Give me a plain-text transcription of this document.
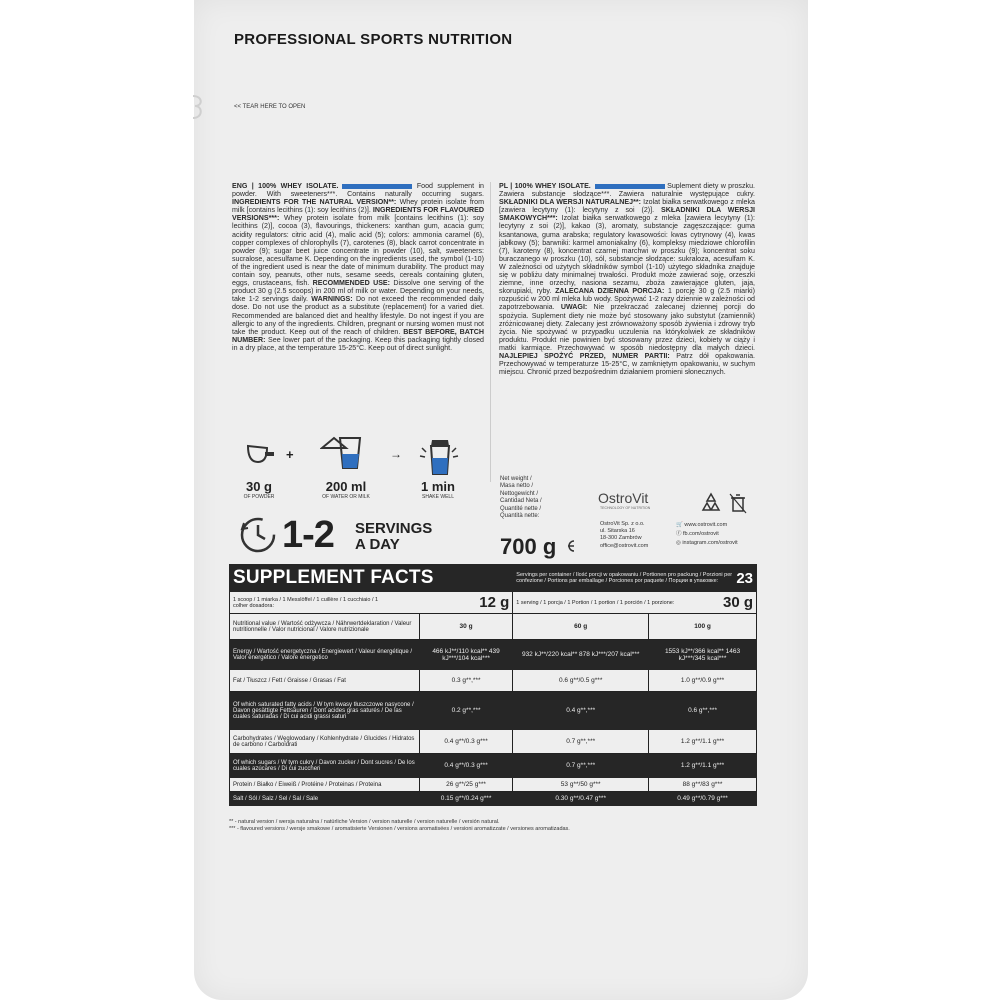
PROFESSIONAL SPORTS NUTRITION
<< TEAR HERE TO OPEN
ENG | 100% WHEY ISOLATE.	Food supplement in powder. With sweeteners***. Contains naturally occurring sugars. INGREDIENTS FOR THE NATURAL VERSION**: Whey protein isolate from milk [contains lecithins (1): soy lecithins (2)]. INGREDIENTS FOR FLAVOURED VERSIONS***: Whey protein isolate from milk [contains lecithins (1): soy lecithins (2)], cocoa (3), flavourings, thickeners: xanthan gum, acacia gum; acidity regulators: citric acid (4), malic acid (5); colors: ammonia caramel (6), copper complexes of chlorophylls (7), carotenes (8), black carrot concentrate in powder (9); sugar beet juice concentrate in powder (10), salt, sweeteners: sucralose, acesulfame K. Depending on the ingredients used, the symbol (1-10) of the ingredient used is near the date of minimum durability. The product may contain soy, peanuts, other nuts, sesame seeds, cereals containing gluten, eggs, crustaceans, fish. RECOMMENDED USE: Dissolve one serving of the product 30 g (2.5 scoops) in 200 ml of milk or water. Depending on your needs, take 1-2 servings daily. WARNINGS: Do not exceed the recommended daily dose. Do not use the product as a substitute (replacement) for a varied diet. Recommended are balanced diet and healthy lifestyle. Do not ingest if you are allergic to any of the ingredients. Children, pregnant or nursing women must not take the product. Keep out of the reach of children. BEST BEFORE, BATCH NUMBER: See lower part of the packaging. Keep this packaging tightly closed in a dry place, at the temperature 15-25°C. Keep out of direct sunlight.
PL | 100% WHEY ISOLATE.	Suplement diety w proszku. Zawiera substancje słodzące***. Zawiera naturalnie występujące cukry. SKŁADNIKI DLA WERSJI NATURALNEJ**: Izolat białka serwatkowego z mleka [zawiera lecytyny (1): lecytyny z soi (2)]. SKŁADNIKI DLA WERSJI SMAKOWYCH***: Izolat białka serwatkowego z mleka [zawiera lecytyny (1): lecytyny z soi (2)], kakao (3), aromaty, substancje zagęszczające: guma ksantanowa, guma arabska; regulatory kwasowości: kwas cytrynowy (4), kwas jabłkowy (5); barwniki: karmel amoniakalny (6), kompleksy miedziowe chlorofilin (7), karoteny (8), koncentrat czarnej marchwi w proszku (9); koncentrat soku buraczanego w proszku (10), sól, substancje słodzące: sukraloza, acesulfam K. W zależności od użytych składników symbol (1-10) użytego składnika znajduje się w pobliżu daty minimalnej trwałości. Produkt może zawierać soję, orzeszki ziemne, inne orzechy, nasiona sezamu, zboża zawierające gluten, jaja, skorupiaki, ryby. ZALECANA DZIENNA PORCJA: 1 porcję 30 g (2.5 miarki) rozpuścić w 200 ml mleka lub wody. Spożywać 1-2 razy dziennie w zależności od zapotrzebowania. UWAGI: Nie przekraczać zalecanej dziennej porcji do spożycia. Suplement diety nie może być stosowany jako substytut (zamiennik) zróżnicowanej diety. Zalecany jest zrównoważony sposób żywienia i zdrowy tryb życia. Nie spożywać w przypadku uczulenia na którykolwiek ze składników produktu. Produkt nie powinien być stosowany przez dzieci, kobiety w ciąży i matki karmiące. Przechowywać w sposób niedostępny dla małych dzieci. NAJLEPIEJ SPOŻYĆ PRZED, NUMER PARTII: Patrz dół opakowania. Przechowywać w temperaturze 15-25°C, w zamkniętym opakowaniu, w suchym miejscu. Chronić przed bezpośrednim działaniem promieni słonecznych.
+	→
30 g
OF POWDER
200 ml
OF WATER OR MILK
1 min
SHAKE WELL
1-2 SERVINGS
A DAY
Net weight /
Masa netto /
Nettogewicht /
Cantidad Neta /
Quantité nette /
Quantità nette:
700 g
OstroVit
TECHNOLOGY OF NUTRITION
OstroVit Sp. z o.o.
ul. Sitarska 16
18-300 Zambrów
office@ostrovit.com
🛒 www.ostrovit.com
ⓕ fb.com/ostrovit
◎ instagram.com/ostrovit
SUPPLEMENT FACTS		Servings per container / Ilość porcji w opakowaniu / Portionen pro packung / Porzioni per confezione / Portions par emballage / Porciones por paquete / Порции в упаковке: 23	

1 scoop / 1 miarka / 1 Messlöffel / 1 cuillère / 1 cucchiaio / 1 colher dosadora: 12 g		1 serving / 1 porcja / 1 Portion / 1 portion / 1 porción / 1 porzione: 30 g	

Nutritional value / Wartość odżywcza / Nährwertdeklaration / Valeur nutritionnelle / Valor nutricional / Valore nutrizionale	30 g	60 g	100 g
Energy / Wartość energetyczna / Energiewert / Valeur énergétique / Valor energético / Valore energetico	466 kJ**/110 kcal** 439 kJ***/104 kcal***	932 kJ**/220 kcal** 878 kJ***/207 kcal***	1553 kJ**/366 kcal** 1463 kJ***/345 kcal***
Fat / Tłuszcz / Fett / Graisse / Grasas / Fat	0.3 g**,***	0.6 g**/0.5 g***	1.0 g**/0.9 g***
Of which saturated fatty acids / W tym kwasy tłuszczowe nasycone / Davon gesättigte Fettsäuren / Dont acides gras saturés / De las cuales saturadas / Di cui acidi grassi saturi	0.2 g**,***	0.4 g**,***	0.6 g**,***
Carbohydrates / Węglowodany / Kohlenhydrate / Glucides / Hidratos de carbono / Carboidrati	0.4 g**/0.3 g***	0.7 g**,***	1.2 g**/1.1 g***
Of which sugars / W tym cukry / Davon zucker / Dont sucres / De los cuales azúcares / Di cui zuccheri	0.4 g**/0.3 g***	0.7 g**,***	1.2 g**/1.1 g***
Protein / Białko / Eiweiß / Protéine / Proteinas / Proteina	26 g**/25 g***	53 g**/50 g***	88 g**/83 g***
Salt / Sól / Salz / Sel / Sal / Sale	0.15 g**/0.24 g***	0.30 g**/0.47 g***	0.49 g**/0.79 g***
** - natural version / wersja naturalna / natürliche Version / version naturelle / version naturelle / versión natural.
*** - flavoured versions / wersje smakowe / aromatisierte Versionen / versions aromatisées / versioni aromatizzate / versiones aromatizadas.
